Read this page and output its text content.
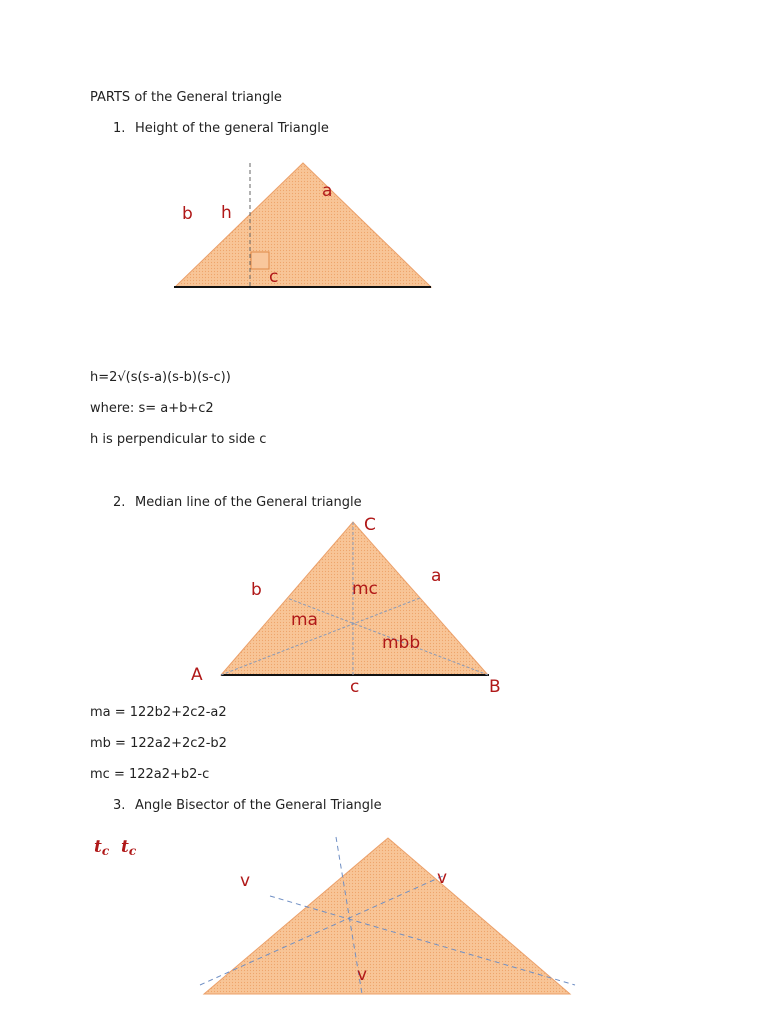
PARTS of the General triangle
1. Height of the general Triangle
h=2√(s(s-a)(s-b)(s-c))
where: s= a+b+c2
h is perpendicular to side c
2. Median line of the General triangle
ma = 122b2+2c2-a2
mb = 122a2+2c2-b2
mc = 122a2+b2-c
3. Angle Bisector of the General Triangle
a
b h
c
C
a
b	mc
ma
mbb
A
c	B
tc tc
v	v
v
